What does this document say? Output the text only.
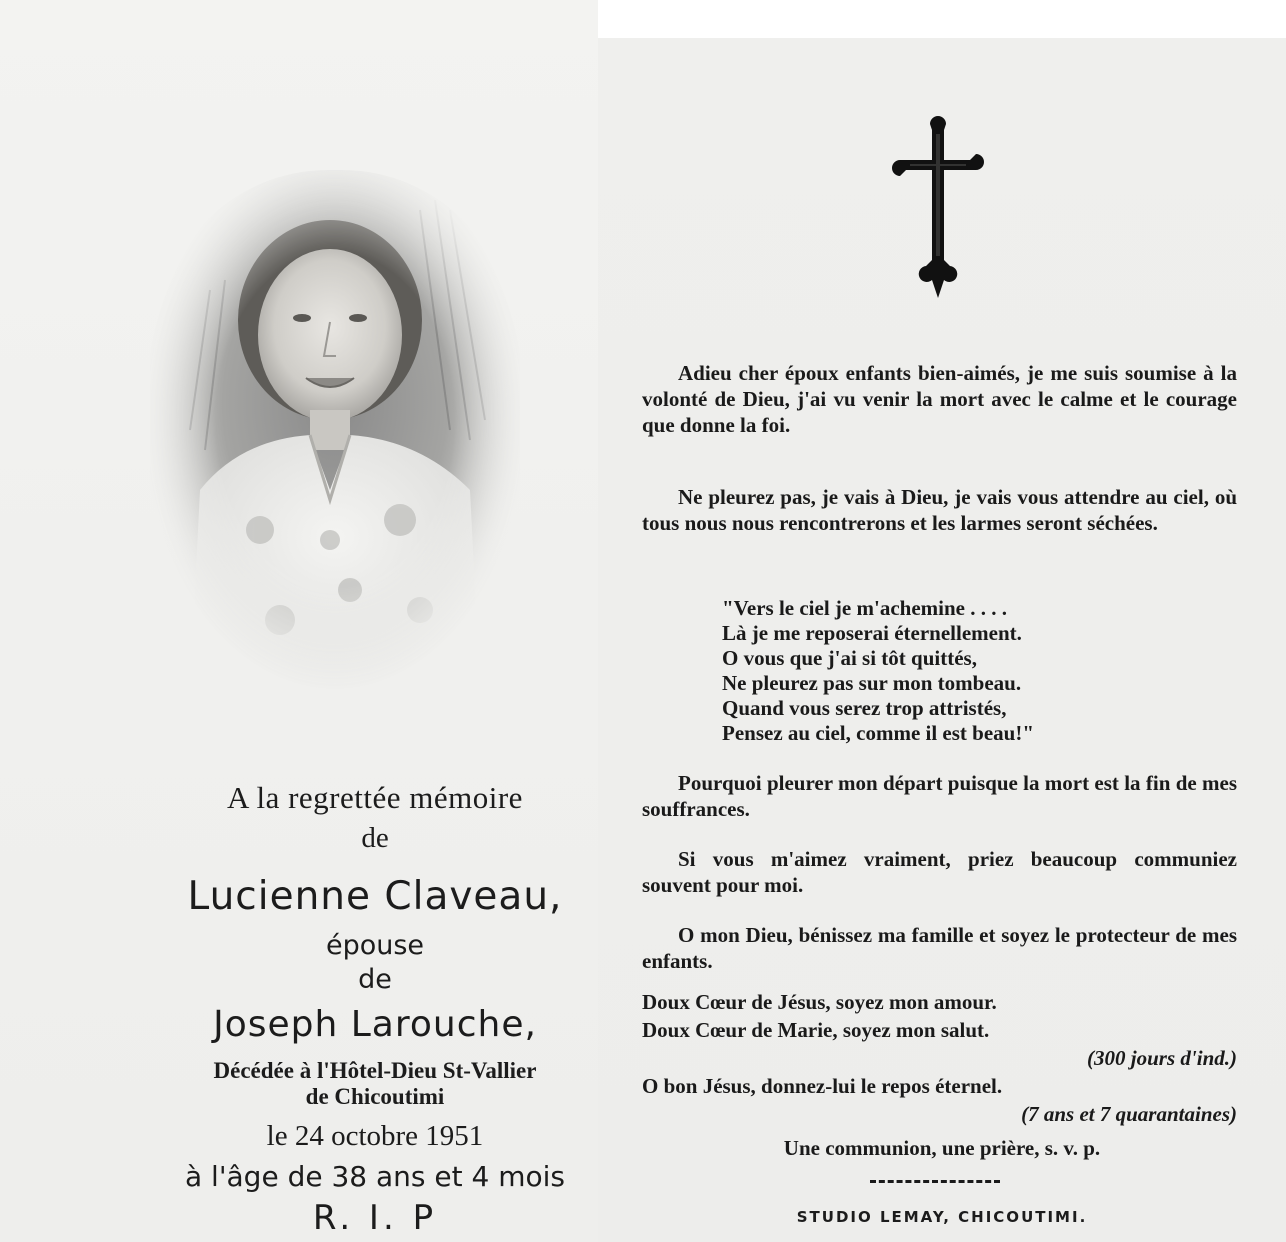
A la regrettée mémoire
de
Lucienne Claveau,
épouse
de
Joseph Larouche,
Décédée à l'Hôtel-Dieu St-Vallier
de Chicoutimi
le 24 octobre 1951
à l'âge de 38 ans et 4 mois
R. I. P
Adieu cher époux enfants bien-aimés, je me suis soumise à la volonté de Dieu, j'ai vu venir la mort avec le calme et le courage que donne la foi.
Ne pleurez pas, je vais à Dieu, je vais vous attendre au ciel, où tous nous nous rencontrerons et les larmes seront séchées.
"Vers le ciel je m'achemine . . . .
Là je me reposerai éternellement.
O vous que j'ai si tôt quittés,
Ne pleurez pas sur mon tombeau.
Quand vous serez trop attristés,
Pensez au ciel, comme il est beau!"
Pourquoi pleurer mon départ puisque la mort est la fin de mes souffrances.
Si vous m'aimez vraiment, priez beaucoup communiez souvent pour moi.
O mon Dieu, bénissez ma famille et soyez le protecteur de mes enfants.
Doux Cœur de Jésus, soyez mon amour.
Doux Cœur de Marie, soyez mon salut.
(300 jours d'ind.)
O bon Jésus, donnez-lui le repos éternel.
(7 ans et 7 quarantaines)
Une communion, une prière, s. v. p.
STUDIO LEMAY, CHICOUTIMI.
